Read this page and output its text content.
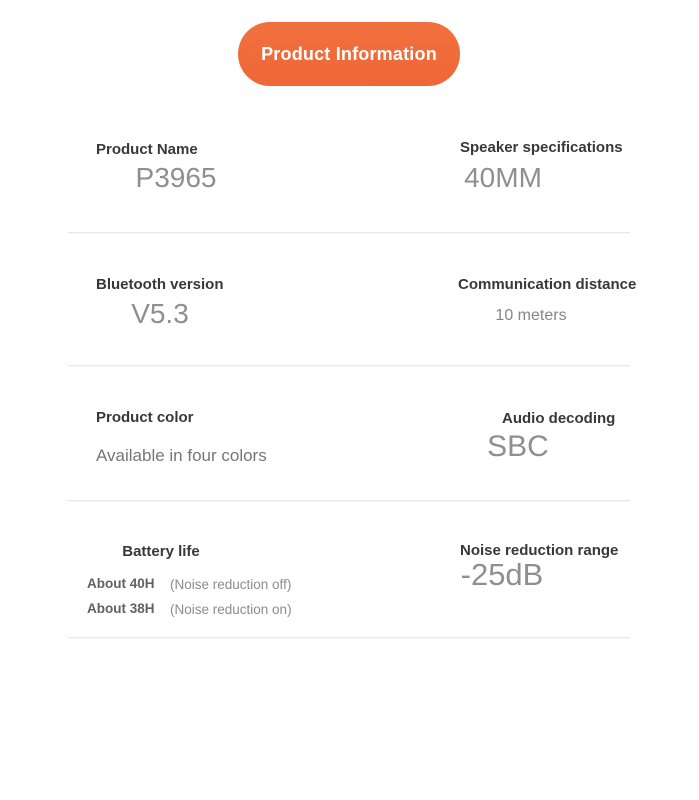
Product Information
Product Name
P3965
Speaker specifications
40MM
Bluetooth version
V5.3
Communication distance
10 meters
Product color
Available in four colors
Audio decoding
SBC
Battery life
About 40H (Noise reduction off)
About 38H (Noise reduction on)
Noise reduction range
-25dB
